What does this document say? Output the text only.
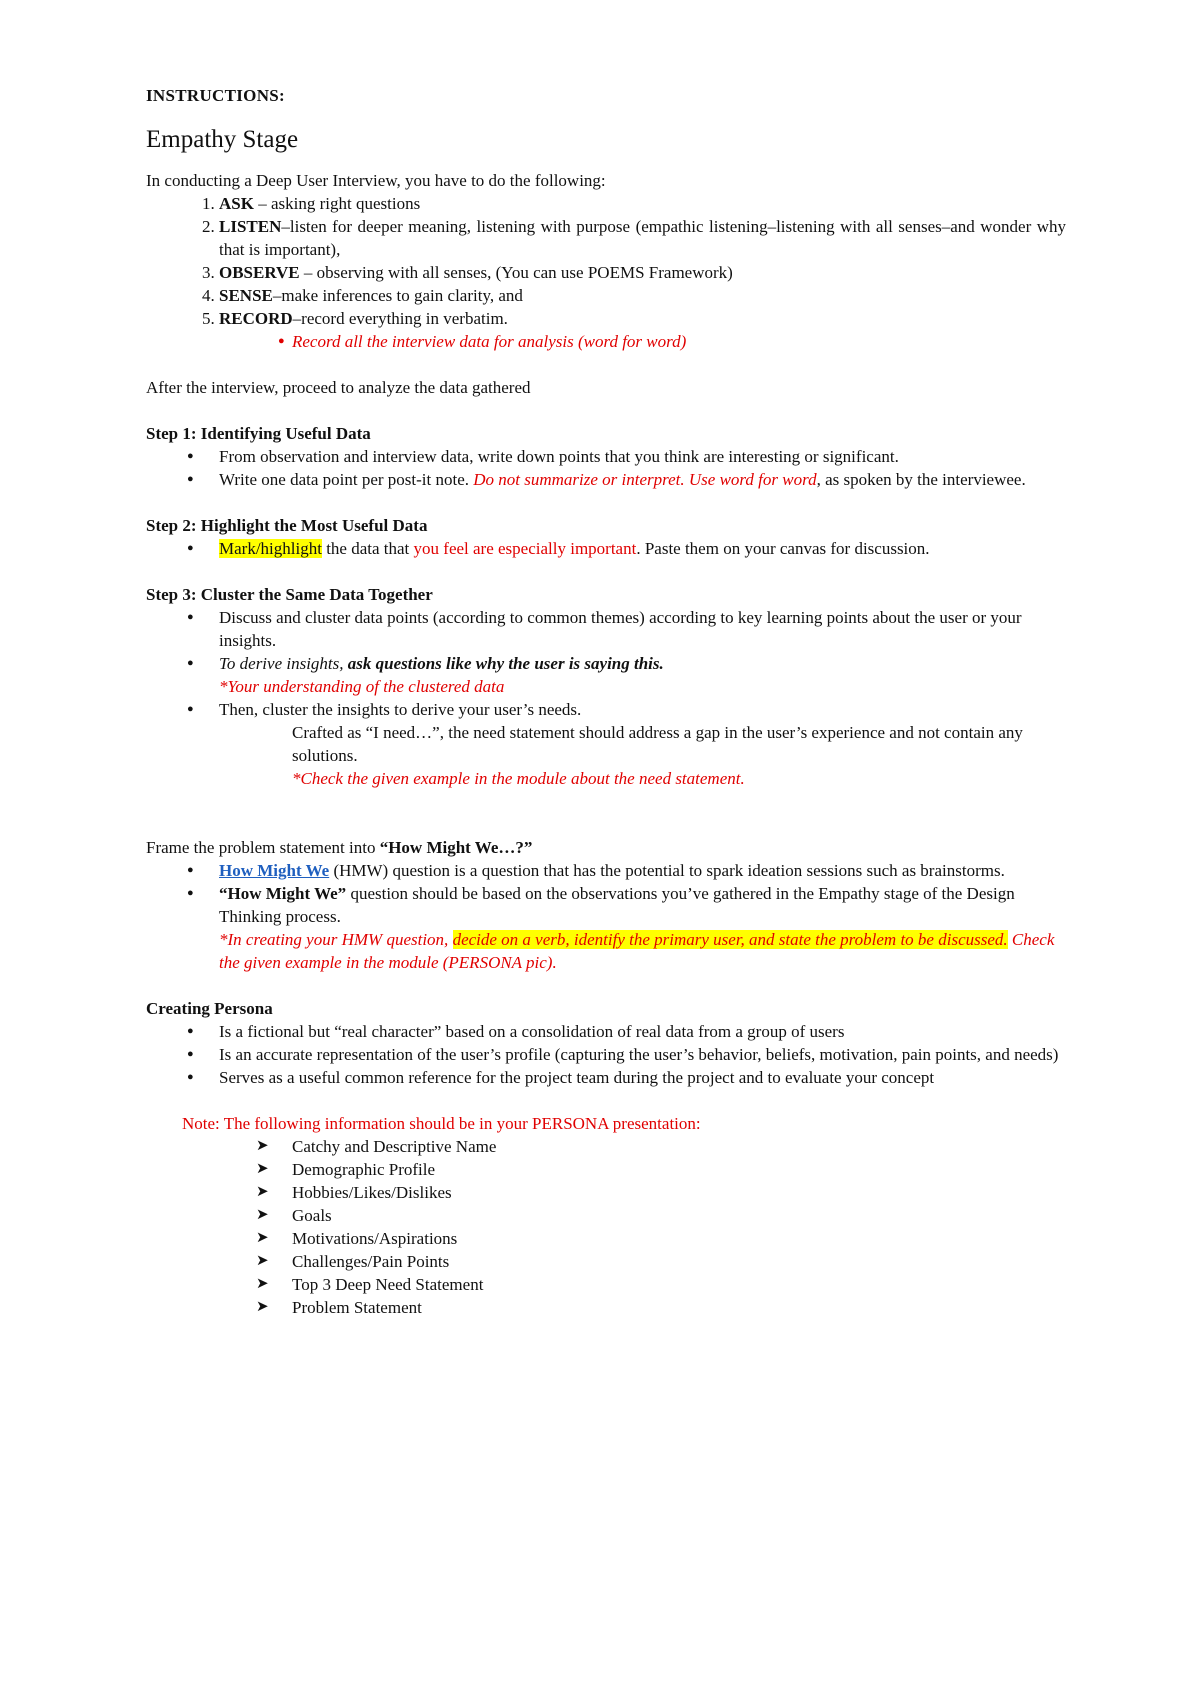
INSTRUCTIONS:

Empathy Stage

In conducting a Deep User Interview, you have to do the following:

1. ASK – asking right questions
2. LISTEN–listen for deeper meaning, listening with purpose (empathic listening–listening with all senses–and wonder why that is important),
3. OBSERVE – observing with all senses, (You can use POEMS Framework)
4. SENSE–make inferences to gain clarity, and
5. RECORD–record everything in verbatim.
● Record all the interview data for analysis (word for word)

After the interview, proceed to analyze the data gathered

Step 1: Identifying Useful Data

● From observation and interview data, write down points that you think are interesting or significant.
● Write one data point per post-it note. Do not summarize or interpret. Use word for word, as spoken by the interviewee.

Step 2: Highlight the Most Useful Data

● Mark/highlight the data that you feel are especially important. Paste them on your canvas for discussion.

Step 3: Cluster the Same Data Together

● Discuss and cluster data points (according to common themes) according to key learning points about the user or your insights.
● To derive insights, ask questions like why the user is saying this.
*Your understanding of the clustered data
● Then, cluster the insights to derive your user’s needs.

Crafted as “I need…”, the need statement should address a gap in the user’s experience and not contain any solutions.

*Check the given example in the module about the need statement.

Frame the problem statement into “How Might We…?”

● How Might We (HMW) question is a question that has the potential to spark ideation sessions such as brainstorms.
● “How Might We” question should be based on the observations you’ve gathered in the Empathy stage of the Design Thinking process.
*In creating your HMW question, decide on a verb, identify the primary user, and state the problem to be discussed. Check the given example in the module (PERSONA pic).

Creating Persona

● Is a fictional but “real character” based on a consolidation of real data from a group of users
● Is an accurate representation of the user’s profile (capturing the user’s behavior, beliefs, motivation, pain points, and needs)
● Serves as a useful common reference for the project team during the project and to evaluate your concept

Note: The following information should be in your PERSONA presentation:

➤ Catchy and Descriptive Name
➤ Demographic Profile
➤ Hobbies/Likes/Dislikes
➤ Goals
➤ Motivations/Aspirations
➤ Challenges/Pain Points
➤ Top 3 Deep Need Statement
➤ Problem Statement
